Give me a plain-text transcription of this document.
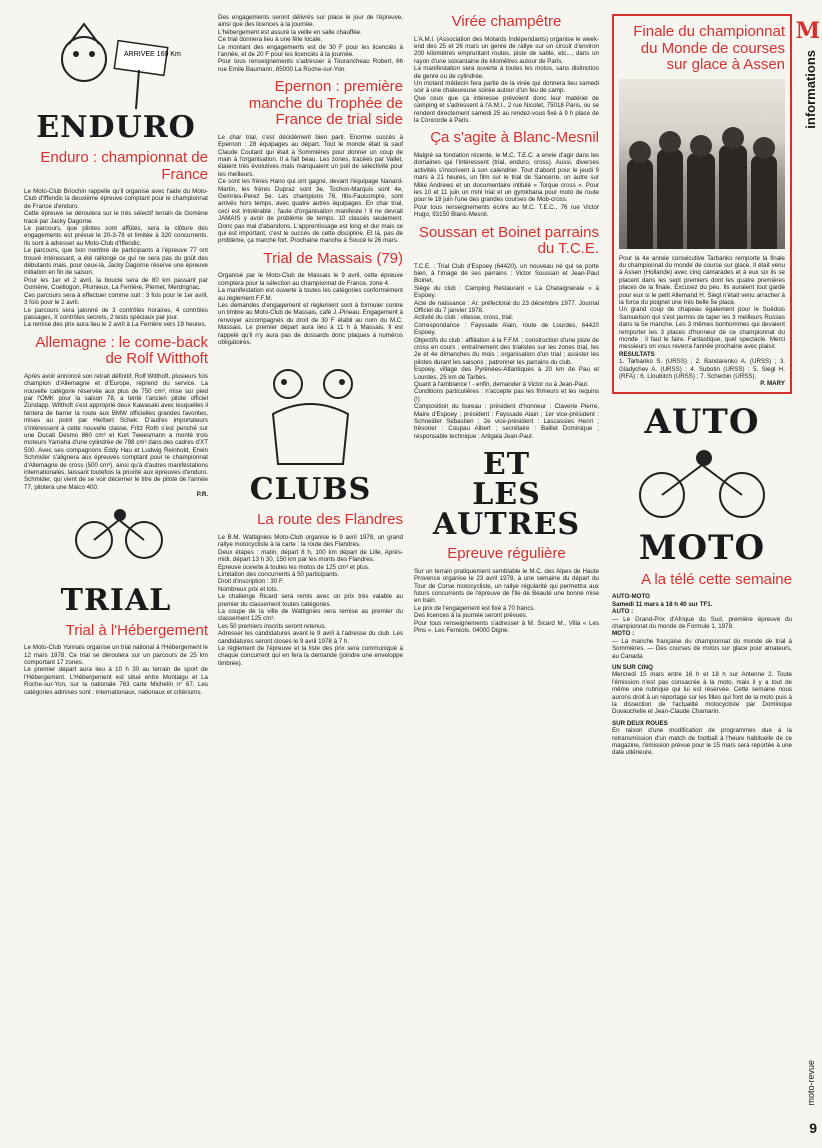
M
informations
moto-revue
9
ARRIVEE 160 Km
ENDURO
Enduro : championnat de France

Le Moto-Club Briochin rappelle qu'il organise avec l'aide du Moto-Club d'Iffendic la deuxième épreuve comptant pour le championnat de France d'enduro.

Cette épreuve se déroulera sur le très sélectif terrain de Gomène tracé par Jacky Dagorne.

Le parcours, que pilotes sont affûtés, sera la clôture des engagements est prévue le 20-3-78 et limitée à 320 concurrents. Ils sont à adresser au Moto-Club d'Iffendic.

Le parcours, que bon nombre de participants à l'épreuve 77 ont trouvé intéressant, a été rallongé ce qui ne sera pas du goût des débutants mais, pour ceux-là, Jacky Dagorne réserve une épreuve initiation en fin de saison.

Pour les 1er et 2 avril, la boucle sera de 80 km passant par Gomène, Coetlogon, Plumieux, La Ferrière, Plemet, Merdrignac.

Ces parcours sera à effectuer comme suit : 3 fois pour le 1er avril, 3 fois pour le 2 avril.

Le parcours sera jalonné de 3 contrôles horaires, 4 contrôles passages, X contrôles secrets, 2 tests spéciaux par jour.

La remise des prix aura lieu le 2 avril à La Ferrière vers 19 heures.

Allemagne : le come-back de Rolf Witthoft

Après avoir annoncé son retrait définitif, Rolf Witthoft, plusieurs fois champion d'Allemagne et d'Europe, reprend du service. La nouvelle catégorie réservée aux plus de 750 cm³, mise sur pied par l'OMK pour la saison 78, a tenté l'ancien pilote officiel Zündapp. Witthoft s'est approprié deux Kawasaki avec lesquelles il tentera de barrer la route aux BMW officielles grandes favorites, mises au point par Herbert Schek. D'autres importateurs s'intéressent à cette nouvelle classe. Fritz Roth s'est penché sur une Ducati Desmo 860 cm³ et Kurt Tweesmann a monté trois moteurs Yamaha d'une cylindrée de 798 cm³ dans des cadres d'XT 500. Avec ses compagnons Eddy Hau et Ludwig Reinhold, Erwin Schmider s'alignera aux épreuves comptant pour le championnat d'Allemagne de cross (500 cm³), ainsi qu'à d'autres manifestations internationales, laissant toutefois la priorité aux épreuves d'enduro. Schmider, qui vient de se voir décerner le titre de pilote de l'année 77, pilotera une Maico 400.

P.R.

TRIAL
Trial à l'Hébergement

Le Moto-Club Yonnais organise un trial national à l'Hébergement le 12 mars 1978. Ce trial se déroulera sur un parcours de 25 km comportant 17 zones.

Le premier départ aura lieu à 10 h 30 au terrain de sport de l'Hébergement. L'Hébergement est situé entre Montaigu et La Roche-sur-Yon, sur la nationale 763 carte Michelin n° 67. Les catégories admises sont : internationaux, nationaux et critériums.

Des engagements seront délivrés sur place le jour de l'épreuve, ainsi que des licences à la journée.

L'hébergement est assuré la veille en salle chauffée.

Ce trial donnera lieu à une fête locale.

Le montant des engagements est de 30 F pour les licenciés à l'année, et de 20 F pour les licenciés à la journée.

Pour tous renseignements s'adresser à Tourancheau Robert, 66 rue Emile Baumann, 85000 La Roche-sur-Yon.

Epernon : première manche du Trophée de France de trial side

Le char trial, c'est décidément bien parti. Enorme succès à Epernon : 28 équipages au départ. Tout le monde était là sauf Claude Coutard qui était à Sommières pour donner un coup de main à l'organisation. Il a fait beau. Les zones, tracées par Vallet, étaient très évolutives mais manquaient un poil de sélectivité pour les meilleurs.

Ce sont les frères Hano qui ont gagné, devant l'équipage Nanard-Martin, les frères Dupraz sont 3e, Tochon-Marquis sont 4e, Gemries-Perez 5e. Les champions 76, Iltis-Faucompre, sont arrivés hors temps, avec quatre autres équipages. En char trial, ceci est intolérable : faute d'organisation manifeste ! Il ne devrait JAMAIS y avoir de problème de temps. 10 classés seulement. Donc pas mal d'abandons. L'apprentissage est long et dur mais ce qui est important, c'est le succès de cette discipline. Et là, pas de problème, ça marche fort. Prochaine manche à Soucé le 26 mars.

Trial de Massais (79)

Organisé par le Moto-Club de Massais le 9 avril, cette épreuve comptera pour la sélection au championnat de France, zone 4.

La manifestation est ouverte à toutes les catégories conformément au règlement F.F.M.

Les demandes d'engagement et règlement sont à formuler contre un timbre au Moto-Club de Massais, café J.-Pineau. Engagement à renvoyer accompagnés du droit de 30 F établi au nom du M.C. Massais. Le premier départ aura lieu à 11 h à Massais. Il est rappelé qu'il n'y aura pas de dossards donc plaques à numéros obligatoires.

CLUBS
La route des Flandres

Le B.M. Wattignies Moto-Club organise le 9 avril 1978, un grand rallye motocycliste à la carte : la route des Flandres.

Deux étapes : matin, départ 8 h, 100 km départ de Lille, Après-midi, départ 13 h 30, 150 km par les monts des Flandres.

Epreuve ouverte à toutes les motos de 125 cm³ et plus.

Limitation des concurrents à 50 participants.

Droit d'inscription : 30 F.

Nombreux prix et lots.

Le challenge Ricard sera remis avec un prix très valable au premier du classement toutes catégories.

La coupe de la ville de Wattignies sera remise au premier du classement 125 cm³.

Les 50 premiers inscrits seront retenus.

Adresser les candidatures avant le 9 avril à l'adresse du club. Les candidatures seront closes le 9 avril 1978 à 7 h.

Le règlement de l'épreuve et la liste des prix sera communiqué à chaque concurrent qui en fera la demande (joindre une enveloppe timbrée).

Virée champêtre

L'A.M.I. (Association des Motards Indépendants) organise le week-end des 25 et 26 mars un genre de rallye sur un circuit d'environ 200 kilomètres empruntant routes, piste de sable, etc..., dans un rayon d'une soixantaine de kilomètres autour de Paris.

La manifestation sera ouverte à toutes les motos, sans distinction de genre ou de cylindrée.

Un motard médecin fera partie de la virée qui donnera lieu samedi soir à une chaleureuse soirée autour d'un feu de camp.

Que ceux que ça intéresse prévoient donc leur matériel de camping et s'adressent à l'A.M.I., 2 rue Nicolet, 75018 Paris, ou se rendent directement samedi 25 au rendez-vous fixé à 9 h place de la Concorde à Paris.

Ça s'agite à Blanc-Mesnil

Malgré sa fondation récente, le M.C. T.E.C. a envie d'agir dans les domaines qui l'intéressent (trial, enduro, cross). Aussi, diverses activités s'inscrivent à son calendrier. Tout d'abord pour le jeudi 9 mars à 21 heures, un film sur le trial de Sancerre, un autre sur Mike Andrews et un documentaire intitulé « Torque cross ». Pour les 10 et 11 juin un mini trial et un gymkhana pour moto de route pour le 18 juin l'une des grandes courses de Mob-cross.

Pour tous renseignements écrire au M.C. T.E.C., 76 rue Victor Hugo, 93150 Blanc-Mesnil.

Soussan et Boinet parrains du T.C.E.

T.C.E. : Trial Club d'Espoey (64420), un nouveau né qui se porte bien, à l'image de ses parrains : Victor Soussan et Jean-Paul Boinet.

Siège du club : Camping Restaurant « La Chataigneraie » à Espoey.

Acte de naissance : Ar. préfectoral du 23 décembre 1977. Journal Officiel du 7 janvier 1978.

Activité du club : vitesse, cross, trial.

Correspondance : Fayssade Alain, route de Lourdes, 64420 Espoey.

Objectifs du club : affiliation à la F.F.M. ; construction d'une piste de cross en cours ; entraînement des trialistes sur les zones trial, les 2e et 4e dimanches du mois ; organisation d'un trial ; assister les pilotes durant les saisons ; patronner les parrains du club.

Espoey, village des Pyrénées-Atlantiques à 20 km de Pau et Lourdes, 25 km de Tarbes.

Quant à l'ambiance ! - enfin, demander à Victor ou à Jean-Paul.

Conditions particulières : n'accepte pas les frimeurs et les requins (!)

Composition du bureau : président d'honneur : Claverie Pierre, Maire d'Espoey ; président : Fayssade Alain ; 1er vice-président : Schneider Sébastien ; 2e vice-président : Lascassies Henri ; trésorier : Coupau Albert ; secrétaire : Baillet Dominique ; responsable technique : Artigala Jean-Paul.

ET
LES
AUTRES
Epreuve régulière

Sur un terrain pratiquement semblable le M.C. des Alpes de Haute Provence organise le 23 avril 1978, à une semaine du départ du Tour de Corse motocycliste, un rallye régularité qui permettra aux futurs concurrents de l'épreuve de l'Ile de Beauté une bonne mise en train.

Le prix de l'engagement est fixé à 70 francs.

Des licences à la journée seront prévues.

Pour tous renseignements s'adresser à M. Sicard M., Villa « Les Pins », Les Ferréols, 04000 Digne.

Finale du championnat du Monde de courses sur glace à Assen

Pour la 4e année consécutive Tarbanko remporte la finale du championnat du monde de course sur glace. Il était venu à Assen (Hollande) avec cinq camarades et à eux six ils se placent dans les sept premiers dont les quatre premières places de la finale. Excusez du peu. Ils auraient tout gardé pour eux si le petit Allemand H. Siegl n'était venu arracher à la force du poignet une très belle 5e place.

Un grand coup de chapeau également pour le Suédois Samuelson qui s'est permis de taper les 3 meilleurs Russes dans la 5e manche. Les 3 mêmes bonhommes qui devaient remporter les 3 places d'honneur de ce championnat du monde : il faut le faire. Fantastique, quel spectacle. Merci messieurs on vous reverra l'année prochaine avec plaisir.

RESULTATS

1. Tarbanko S. (URSS) ; 2. Bandarenko A. (URSS) ; 3. Gladychev A. (URSS) ; 4. Subotin (URSS) ; 5. Siegl H. (RFA) ; 6. Lioubitch (URSS) ; 7. Scherbin (URSS).

P. MARY

AUTO
MOTO
A la télé cette semaine

AUTO-MOTO

Samedi 11 mars à 18 h 40 sur TF1.

AUTO :

— Le Grand-Prix d'Afrique du Sud, première épreuve du championnat du monde de Formule 1, 1978.

MOTO :

— La manche française du championnat du monde de trial à Sommières. — Des courses de motos sur glace pour amateurs, au Canada.

UN SUR CINQ

Mercredi 15 mars entre 16 h et 18 h sur Antenne 2. Toute l'émission n'est pas consacrée à la moto, mais il y a tout de même une rubrique qui lui est réservée. Cette semaine nous aurons droit à un reportage sur les filles qui font de la moto puis à la dissection de l'actualité motocycliste par Dominique Duvauchelle et Jean-Claude Chamarin.

SUR DEUX ROUES

En raison d'une modification de programmes due à la retransmission d'un match de football à l'heure habituelle de ce magazine, l'émission prévue pour le 15 mars sera reportée à une date ultérieure.
